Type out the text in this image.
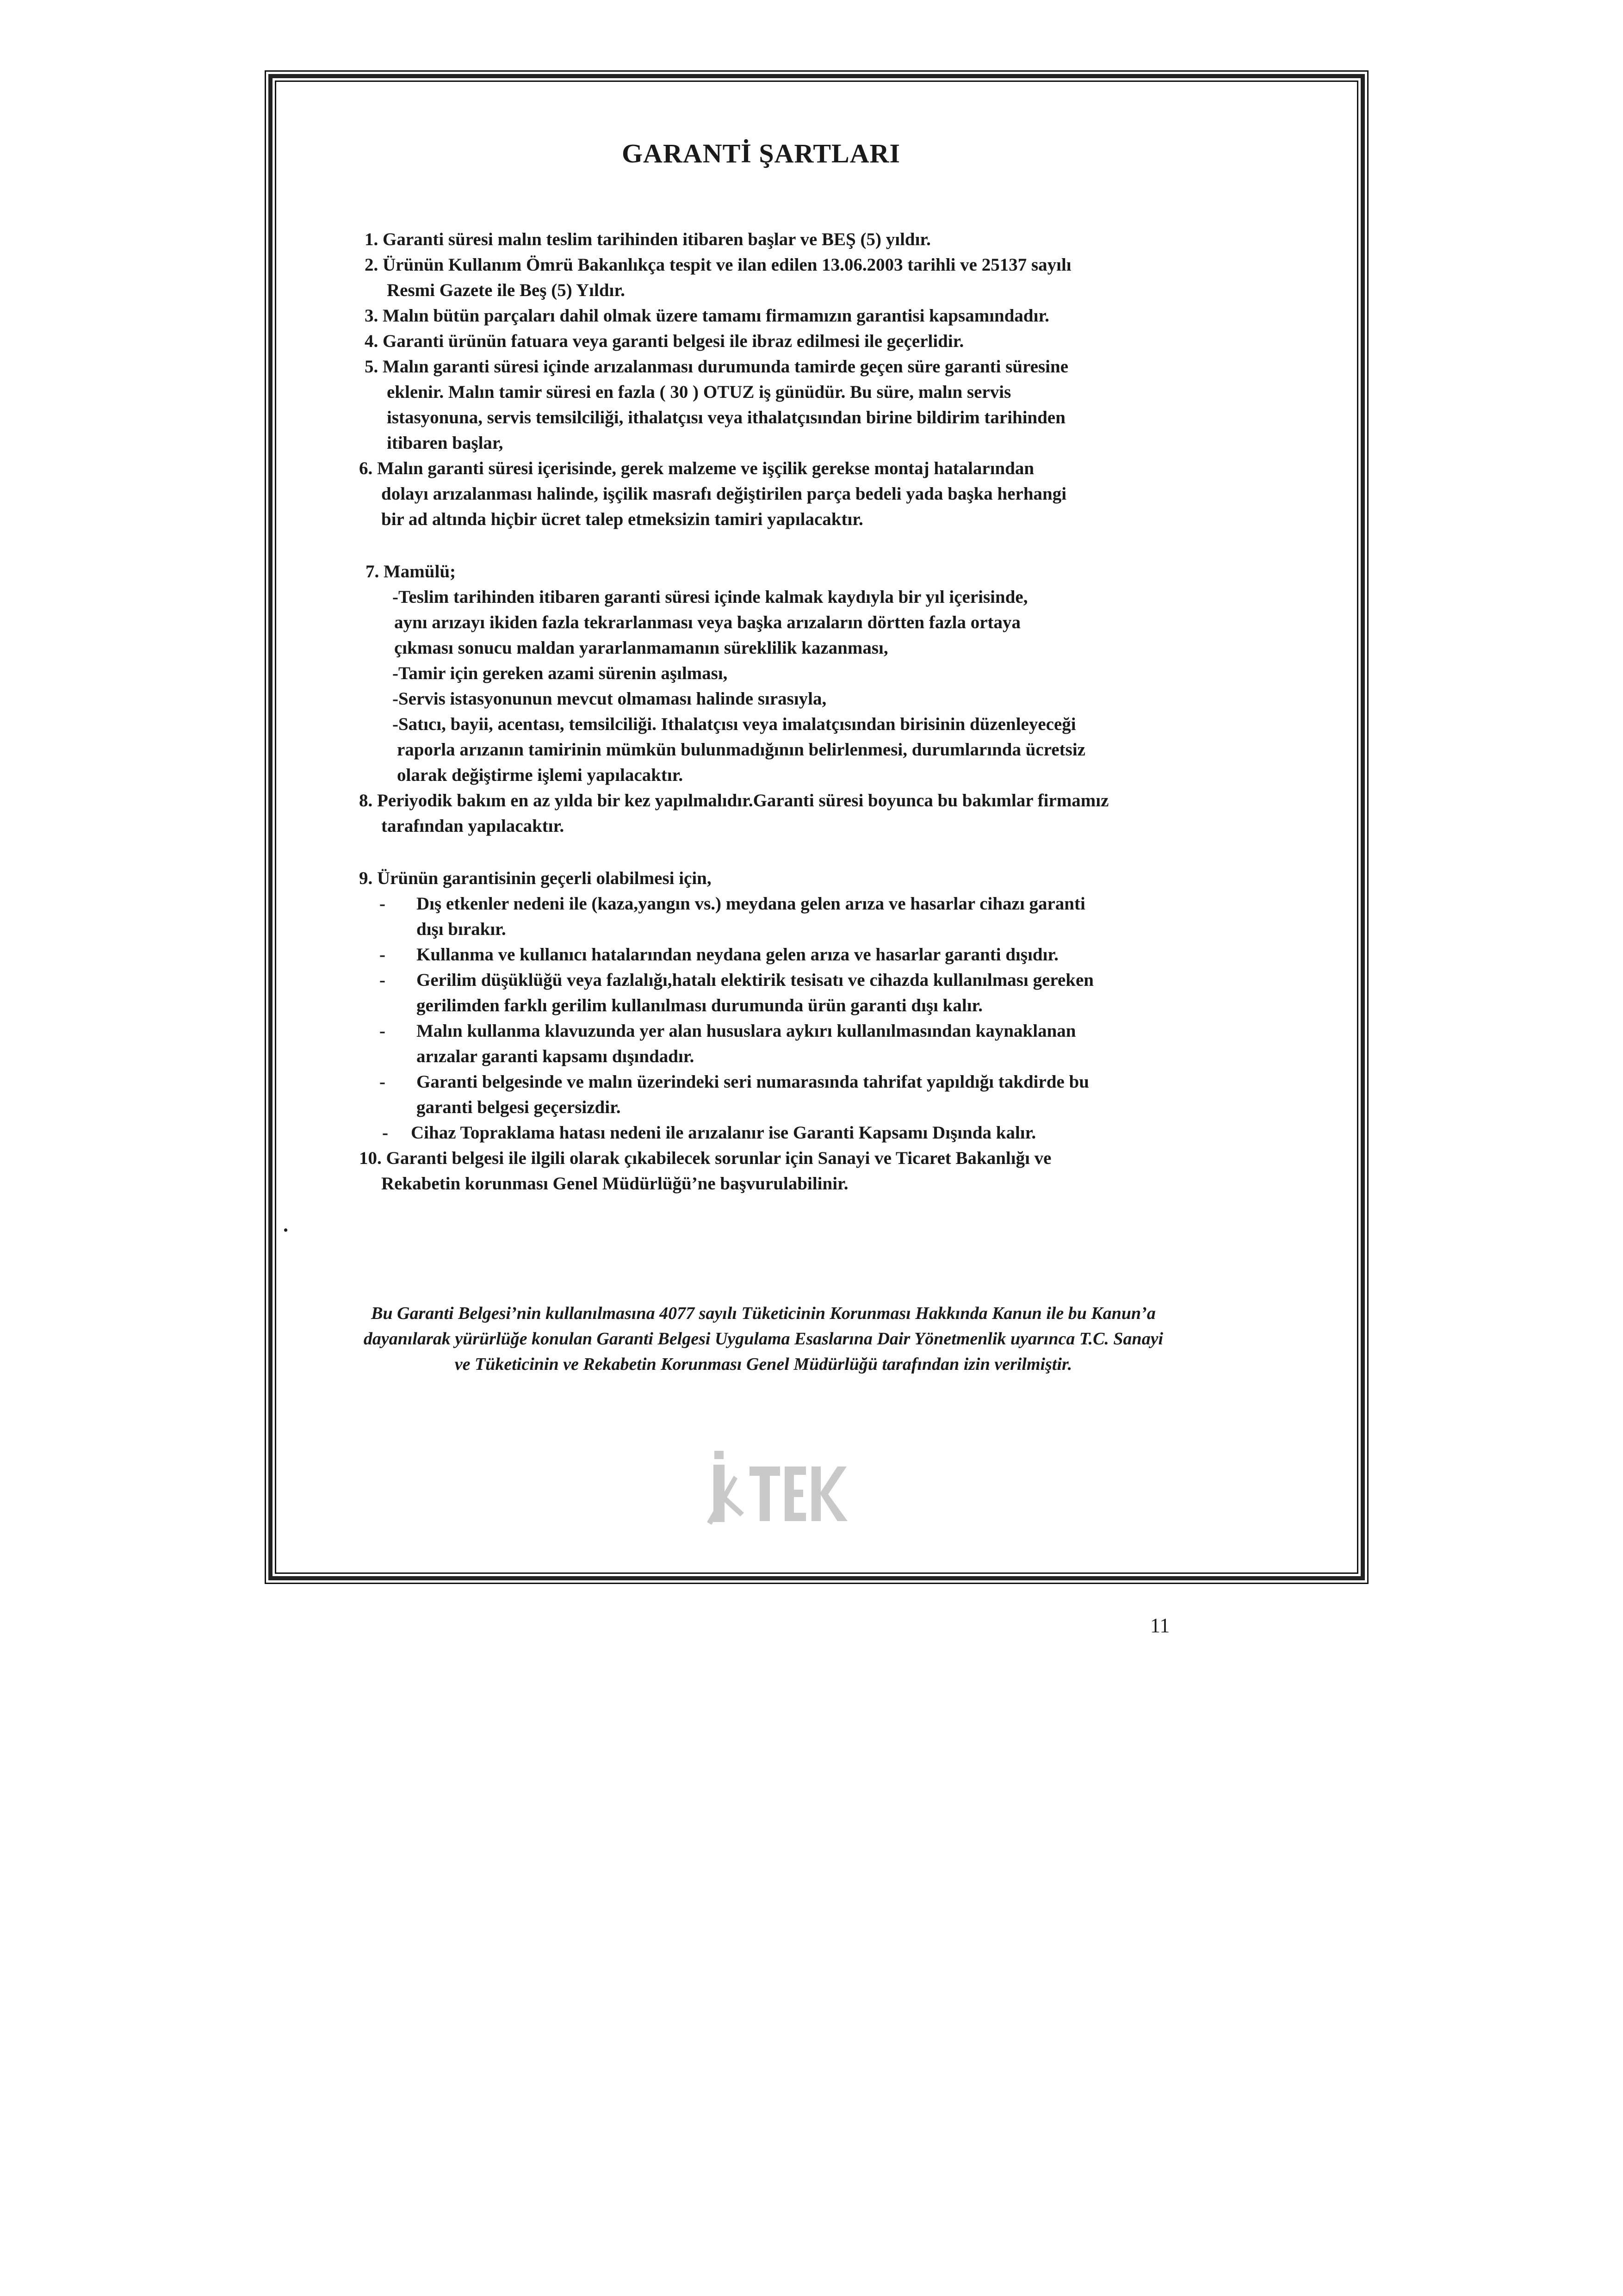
GARANTİ ŞARTLARI
1. Garanti süresi malın teslim tarihinden itibaren başlar ve BEŞ (5) yıldır.
2. Ürünün Kullanım Ömrü Bakanlıkça tespit ve ilan edilen 13.06.2003 tarihli ve 25137 sayılı
Resmi Gazete ile Beş (5) Yıldır.
3. Malın bütün parçaları dahil olmak üzere tamamı firmamızın garantisi kapsamındadır.
4. Garanti ürünün fatuara veya garanti belgesi ile ibraz edilmesi ile geçerlidir.
5. Malın garanti süresi içinde arızalanması durumunda tamirde geçen süre garanti süresine
eklenir. Malın tamir süresi en fazla ( 30 ) OTUZ iş günüdür. Bu süre, malın servis
istasyonuna, servis temsilciliği, ithalatçısı veya ithalatçısından birine bildirim tarihinden
itibaren başlar,
6. Malın garanti süresi içerisinde, gerek malzeme ve işçilik gerekse montaj hatalarından
dolayı arızalanması halinde, işçilik masrafı değiştirilen parça bedeli yada başka herhangi
bir ad altında hiçbir ücret talep etmeksizin tamiri yapılacaktır.
7. Mamülü;
-Teslim tarihinden itibaren garanti süresi içinde kalmak kaydıyla bir yıl içerisinde,
aynı arızayı ikiden fazla tekrarlanması veya başka arızaların dörtten fazla ortaya
çıkması sonucu maldan yararlanmamanın süreklilik kazanması,
-Tamir için gereken azami sürenin aşılması,
-Servis istasyonunun mevcut olmaması halinde sırasıyla,
-Satıcı, bayii, acentası, temsilciliği. Ithalatçısı veya imalatçısından birisinin düzenleyeceği
raporla arızanın tamirinin mümkün bulunmadığının belirlenmesi, durumlarında ücretsiz
olarak değiştirme işlemi yapılacaktır.
8. Periyodik bakım en az yılda bir kez yapılmalıdır.Garanti süresi boyunca bu bakımlar firmamız
tarafından yapılacaktır.
9. Ürünün garantisinin geçerli olabilmesi için,
- Dış etkenler nedeni ile (kaza,yangın vs.) meydana gelen arıza ve hasarlar cihazı garanti
dışı bırakır.
- Kullanma ve kullanıcı hatalarından neydana gelen arıza ve hasarlar garanti dışıdır.
- Gerilim düşüklüğü veya fazlalığı,hatalı elektirik tesisatı ve cihazda kullanılması gereken
gerilimden farklı gerilim kullanılması durumunda ürün garanti dışı kalır.
- Malın kullanma klavuzunda yer alan hususlara aykırı kullanılmasından kaynaklanan
arızalar garanti kapsamı dışındadır.
- Garanti belgesinde ve malın üzerindeki seri numarasında tahrifat yapıldığı takdirde bu
garanti belgesi geçersizdir.
- Cihaz Topraklama hatası nedeni ile arızalanır ise Garanti Kapsamı Dışında kalır.
10. Garanti belgesi ile ilgili olarak çıkabilecek sorunlar için Sanayi ve Ticaret Bakanlığı ve
Rekabetin korunması Genel Müdürlüğü’ne başvurulabilinir.
.
Bu Garanti Belgesi’nin kullanılmasına 4077 sayılı Tüketicinin Korunması Hakkında Kanun ile bu Kanun’a
dayanılarak yürürlüğe konulan Garanti Belgesi Uygulama Esaslarına Dair Yönetmenlik uyarınca T.C. Sanayi
ve Tüketicinin ve Rekabetin Korunması Genel Müdürlüğü tarafından izin verilmiştir.
11
